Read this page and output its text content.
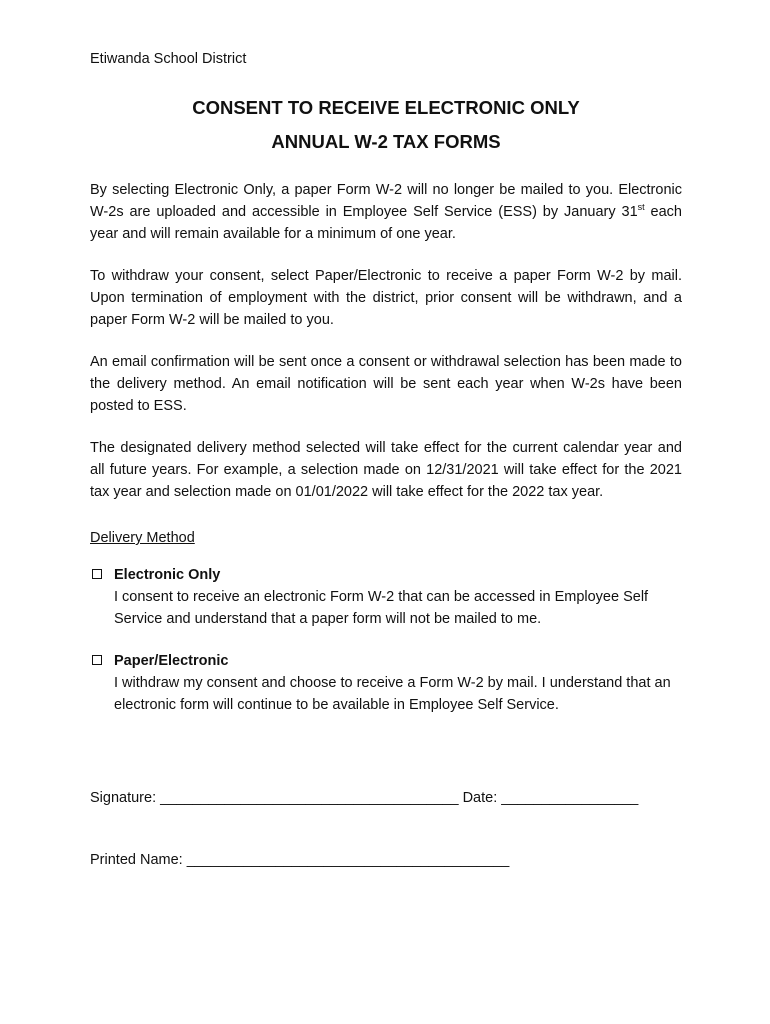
Etiwanda School District

CONSENT TO RECEIVE ELECTRONIC ONLY

ANNUAL W-2 TAX FORMS

By selecting Electronic Only, a paper Form W-2 will no longer be mailed to you. Electronic W-2s are uploaded and accessible in Employee Self Service (ESS) by January 31st each year and will remain available for a minimum of one year.

To withdraw your consent, select Paper/Electronic to receive a paper Form W-2 by mail. Upon termination of employment with the district, prior consent will be withdrawn, and a paper Form W-2 will be mailed to you.

An email confirmation will be sent once a consent or withdrawal selection has been made to the delivery method. An email notification will be sent each year when W-2s have been posted to ESS.

The designated delivery method selected will take effect for the current calendar year and all future years. For example, a selection made on 12/31/2021 will take effect for the 2021 tax year and selection made on 01/01/2022 will take effect for the 2022 tax year.

Delivery Method

Electronic Only

I consent to receive an electronic Form W-2 that can be accessed in Employee Self Service and understand that a paper form will not be mailed to me.

Paper/Electronic

I withdraw my consent and choose to receive a Form W-2 by mail. I understand that an electronic form will continue to be available in Employee Self Service.

Signature: _____________________________________ Date: _________________

Printed Name: ________________________________________
